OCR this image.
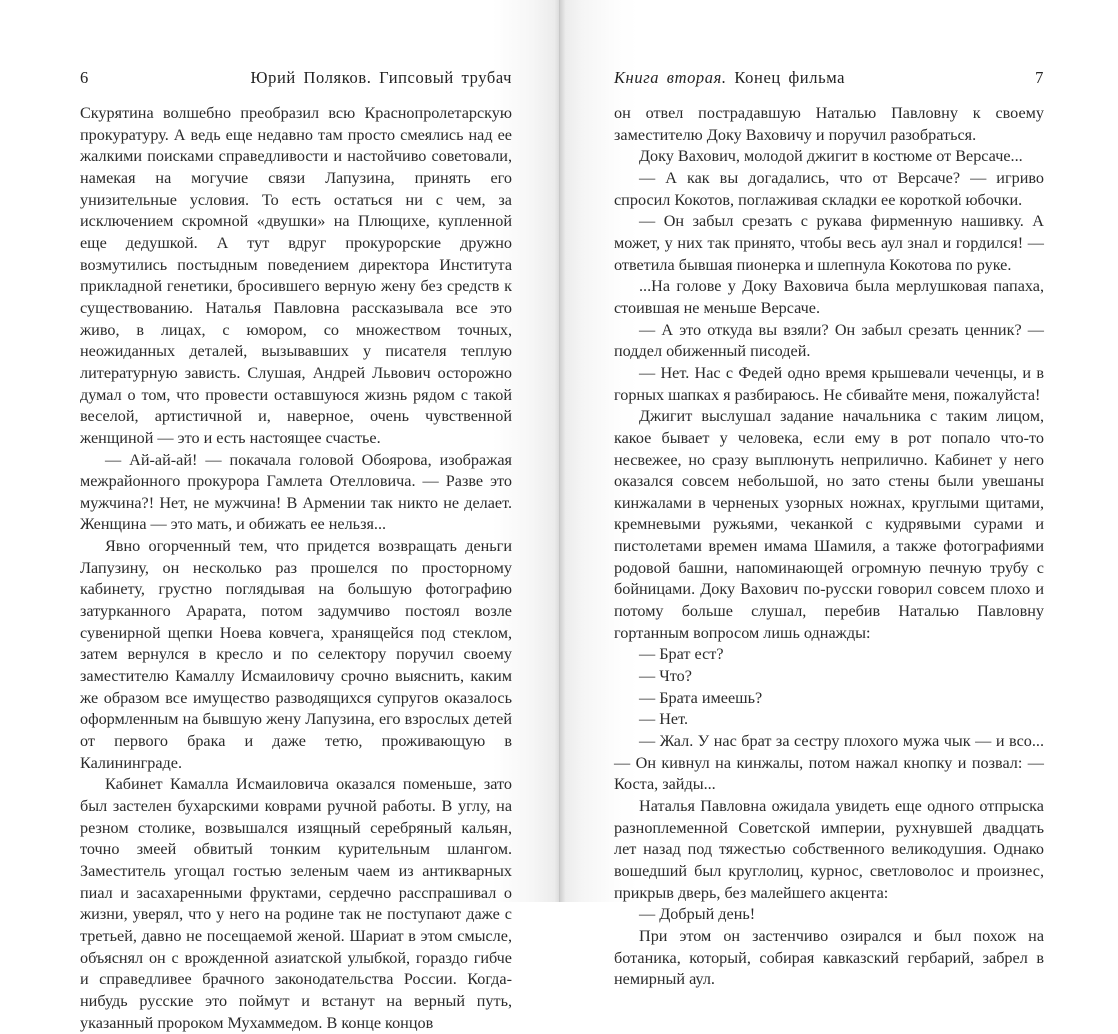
6	Юрий Поляков. Гипсовый трубач

Скурятина волшебно преобразил всю Краснопролетарскую прокуратуру. А ведь еще недавно там просто смеялись над ее жалкими поисками справедливости и настойчиво советовали, намекая на могучие связи Лапузина, принять его унизительные условия. То есть остаться ни с чем, за исключением скромной «двушки» на Плющихе, купленной еще дедушкой. А тут вдруг прокурорские дружно возмутились постыдным поведением директора Института прикладной генетики, бросившего верную жену без средств к существованию. Наталья Павловна рассказывала все это живо, в лицах, с юмором, со множеством точных, неожиданных деталей, вызывавших у писателя теплую литературную зависть. Слушая, Андрей Львович осторожно думал о том, что провести оставшуюся жизнь рядом с такой веселой, артистичной и, наверное, очень чувственной женщиной — это и есть настоящее счастье.

— Ай-ай-ай! — покачала головой Обоярова, изображая межрайонного прокурора Гамлета Отелловича. — Разве это мужчина?! Нет, не мужчина! В Армении так никто не делает. Женщина — это мать, и обижать ее нельзя...

Явно огорченный тем, что придется возвращать деньги Лапузину, он несколько раз прошелся по просторному кабинету, грустно поглядывая на большую фотографию затурканного Арарата, потом задумчиво постоял возле сувенирной щепки Ноева ковчега, хранящейся под стеклом, затем вернулся в кресло и по селектору поручил своему заместителю Камаллу Исмаиловичу срочно выяснить, каким же образом все имущество разводящихся супругов оказалось оформленным на бывшую жену Лапузина, его взрослых детей от первого брака и даже тетю, проживающую в Калининграде.

Кабинет Камалла Исмаиловича оказался поменьше, зато был застелен бухарскими коврами ручной работы. В углу, на резном столике, возвышался изящный серебряный кальян, точно змеей обвитый тонким курительным шлангом. Заместитель угощал гостью зеленым чаем из антикварных пиал и засахаренными фруктами, сердечно расспрашивал о жизни, уверял, что у него на родине так не поступают даже с третьей, давно не посещаемой женой. Шариат в этом смысле, объяснял он с врожденной азиатской улыбкой, гораздо гибче и справедливее брачного законодательства России. Когда-нибудь русские это поймут и встанут на верный путь, указанный пророком Мухаммедом. В конце концов

Книга вторая. Конец фильма	7

он отвел пострадавшую Наталью Павловну к своему заместителю Доку Ваховичу и поручил разобраться.

Доку Вахович, молодой джигит в костюме от Версаче...

— А как вы догадались, что от Версаче? — игриво спросил Кокотов, поглаживая складки ее короткой юбочки.

— Он забыл срезать с рукава фирменную нашивку. А может, у них так принято, чтобы весь аул знал и гордился! — ответила бывшая пионерка и шлепнула Кокотова по руке.

...На голове у Доку Ваховича была мерлушковая папаха, стоившая не меньше Версаче.

— А это откуда вы взяли? Он забыл срезать ценник? — поддел обиженный писодей.

— Нет. Нас с Федей одно время крышевали чеченцы, и в горных шапках я разбираюсь. Не сбивайте меня, пожалуйста!

Джигит выслушал задание начальника с таким лицом, какое бывает у человека, если ему в рот попало что-то несвежее, но сразу выплюнуть неприлично. Кабинет у него оказался совсем небольшой, но зато стены были увешаны кинжалами в черненых узорных ножнах, круглыми щитами, кремневыми ружьями, чеканкой с кудрявыми сурами и пистолетами времен имама Шамиля, а также фотографиями родовой башни, напоминающей огромную печную трубу с бойницами. Доку Вахович по-русски говорил совсем плохо и потому больше слушал, перебив Наталью Павловну гортанным вопросом лишь однажды:

— Брат ест?

— Что?

— Брата имеешь?

— Нет.

— Жал. У нас брат за сестру плохого мужа чык — и всо... — Он кивнул на кинжалы, потом нажал кнопку и позвал: — Коста, зайды...

Наталья Павловна ожидала увидеть еще одного отпрыска разноплеменной Советской империи, рухнувшей двадцать лет назад под тяжестью собственного великодушия. Однако вошедший был круглолиц, курнос, светловолос и произнес, прикрыв дверь, без малейшего акцента:

— Добрый день!

При этом он застенчиво озирался и был похож на ботаника, который, собирая кавказский гербарий, забрел в немирный аул.
